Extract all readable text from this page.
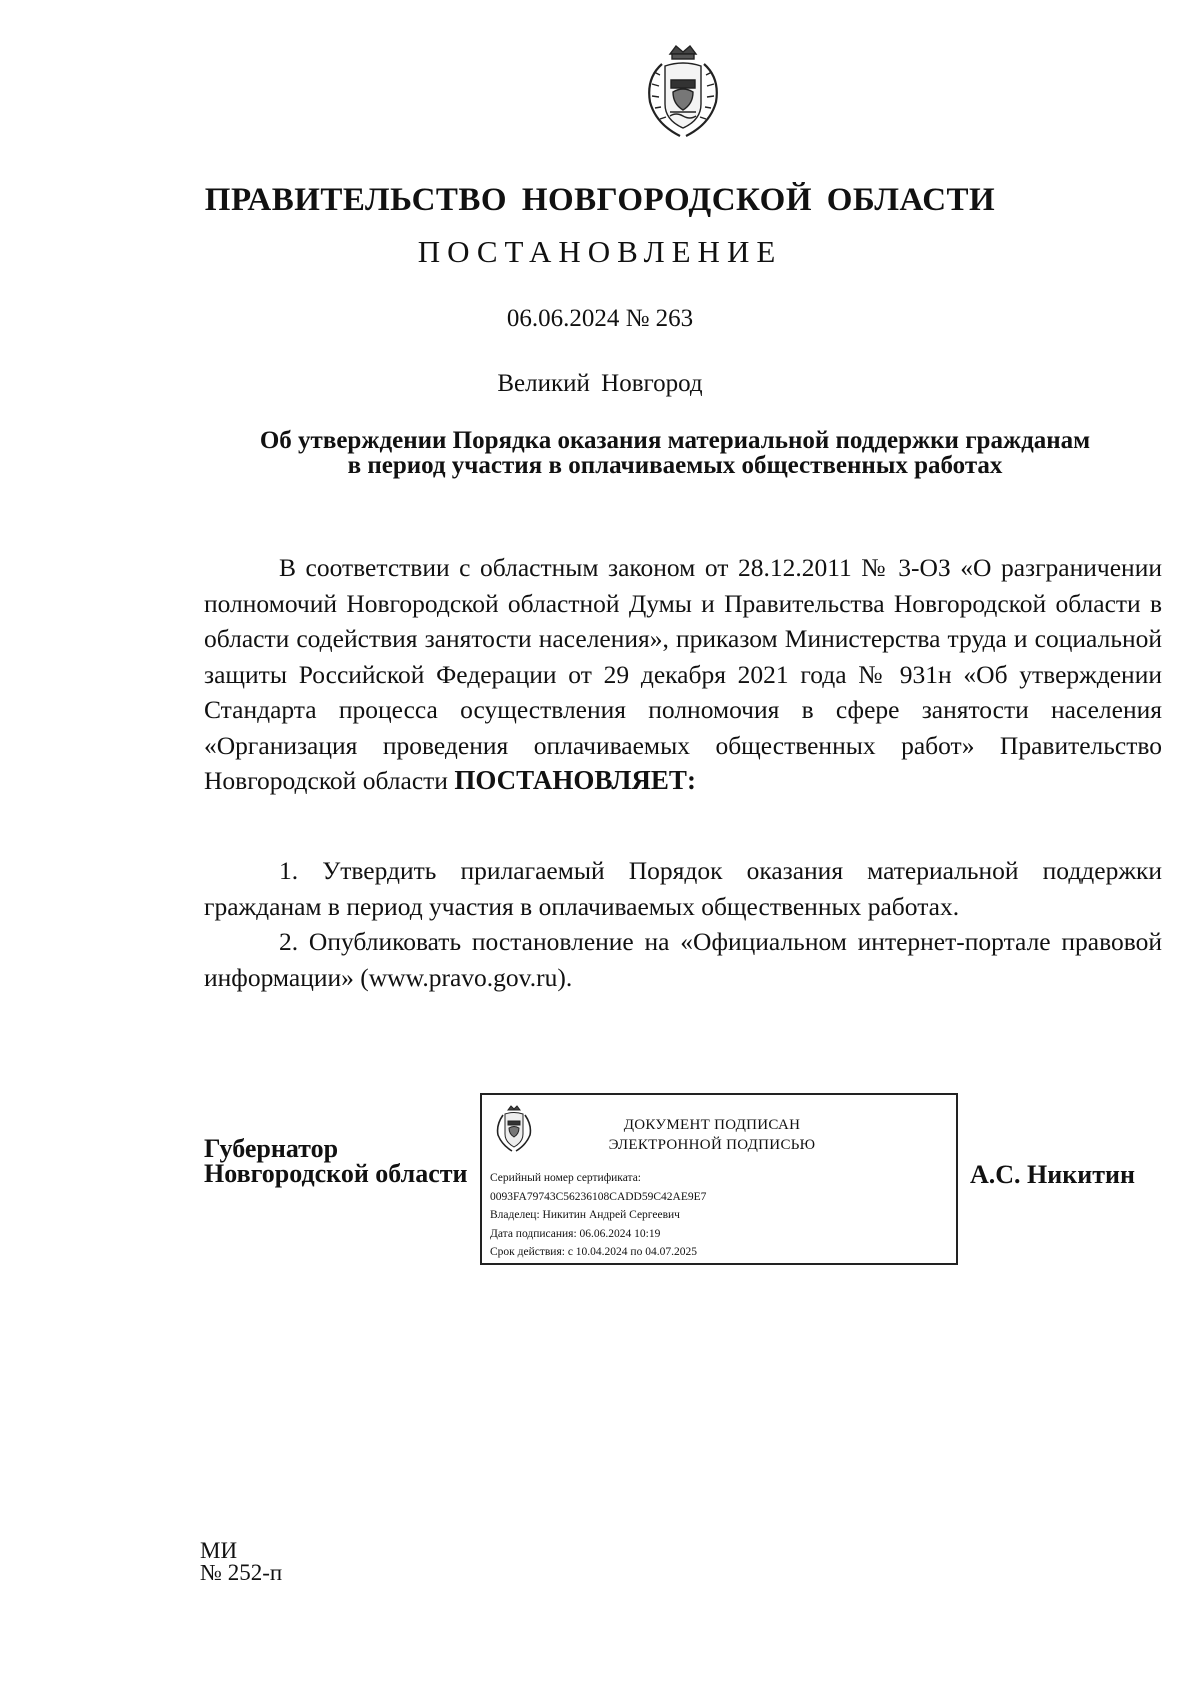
ПРАВИТЕЛЬСТВО НОВГОРОДСКОЙ ОБЛАСТИ
ПОСТАНОВЛЕНИЕ
06.06.2024 № 263
Великий Новгород
Об утверждении Порядка оказания материальной поддержки гражданам
в период участия в оплачиваемых общественных работах

В соответствии с областным законом от 28.12.2011 № 3-ОЗ «О разграничении полномочий Новгородской областной Думы и Правительства Новгородской области в области содействия занятости населения», приказом Министерства труда и социальной защиты Российской Федерации от 29 декабря 2021 года № 931н «Об утверждении Стандарта процесса осуществления полномочия в сфере занятости населения «Организация проведения оплачиваемых общественных работ» Правительство Новгородской области ПОСТАНОВЛЯЕТ:

1. Утвердить прилагаемый Порядок оказания материальной поддержки гражданам в период участия в оплачиваемых общественных работах.

2. Опубликовать постановление на «Официальном интернет-портале правовой информации» (www.pravo.gov.ru).

Губернатор
Новгородской области
ДОКУМЕНТ ПОДПИСАН
ЭЛЕКТРОННОЙ ПОДПИСЬЮ
Серийный номер сертификата:
0093FA79743C56236108CADD59C42AE9E7
Владелец: Никитин Андрей Сергеевич
Дата подписания: 06.06.2024 10:19
Срок действия: с 10.04.2024 по 04.07.2025
А.С. Никитин
МИ
№ 252-п
